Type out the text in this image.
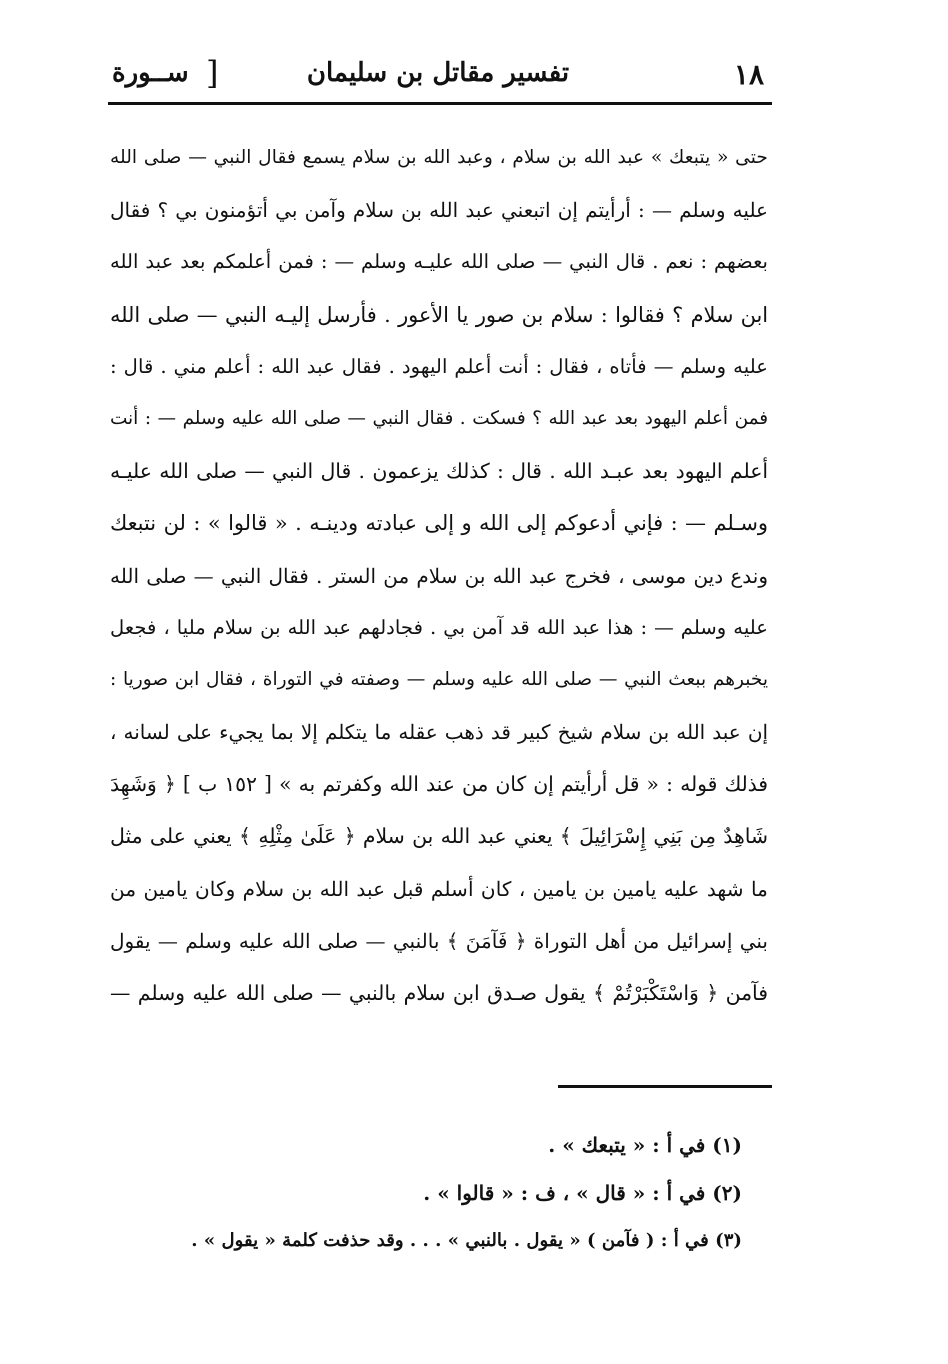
١٨
تفسير مقاتل بن سليمان
[
ســورة
حتى « يتبعك » عبد الله بن سلام ، وعبد الله بن سلام يسمع فقال النبي — صلى الله
عليه وسلم — : أرأيتم إن اتبعني عبد الله بن سلام وآمن بي أتؤمنون بي ؟ فقال
بعضهم : نعم . قال النبي — صلى الله عليـه وسلم — : فمن أعلمكم بعد عبد الله
ابن سلام ؟ فقالوا : سلام بن صور يا الأعور . فأرسل إليـه النبي — صلى الله
عليه وسلم — فأتاه ، فقال : أنت أعلم اليهود . فقال عبد الله : أعلم مني . قال :
فمن أعلم اليهود بعد عبد الله ؟ فسكت . فقال النبي — صلى الله عليه وسلم — : أنت
أعلم اليهود بعد عبـد الله . قال : كذلك يزعمون . قال النبي — صلى الله عليـه
وسـلم — : فإني أدعوكم إلى الله و إلى عبادته ودينـه . « قالوا » : لن نتبعك
وندع دين موسى ، فخرج عبد الله بن سلام من الستر . فقال النبي — صلى الله
عليه وسلم — : هذا عبد الله قد آمن بي . فجادلهم عبد الله بن سلام مليا ، فجعل
يخبرهم ببعث النبي — صلى الله عليه وسلم — وصفته في التوراة ، فقال ابن صوريا :
إن عبد الله بن سلام شيخ كبير قد ذهب عقله ما يتكلم إلا بما يجيء على لسانه ،
فذلك قوله : « قل أرأيتم إن كان من عند الله وكفرتم به » [ ١٥٢ ب ] ﴿ وَشَهِدَ
شَاهِدٌ مِن بَنِي إِسْرَائِيلَ ﴾ يعني عبد الله بن سلام ﴿ عَلَىٰ مِثْلِهِ ﴾ يعني على مثل
ما شهد عليه يامين بن يامين ، كان أسلم قبل عبد الله بن سلام وكان يامين من
بني إسرائيل من أهل التوراة ﴿ فَآمَنَ ﴾ بالنبي — صلى الله عليه وسلم — يقول
فآمن ﴿ وَاسْتَكْبَرْتُمْ ﴾ يقول صـدق ابن سلام بالنبي — صلى الله عليه وسلم —
(١) في أ : « يتبعك » .
(٢) في أ : « قال » ، ف : « قالوا » .
(٣) في أ : ( فآمن ) « يقول . بالنبي » . . . وقد حذفت كلمة « يقول » .
